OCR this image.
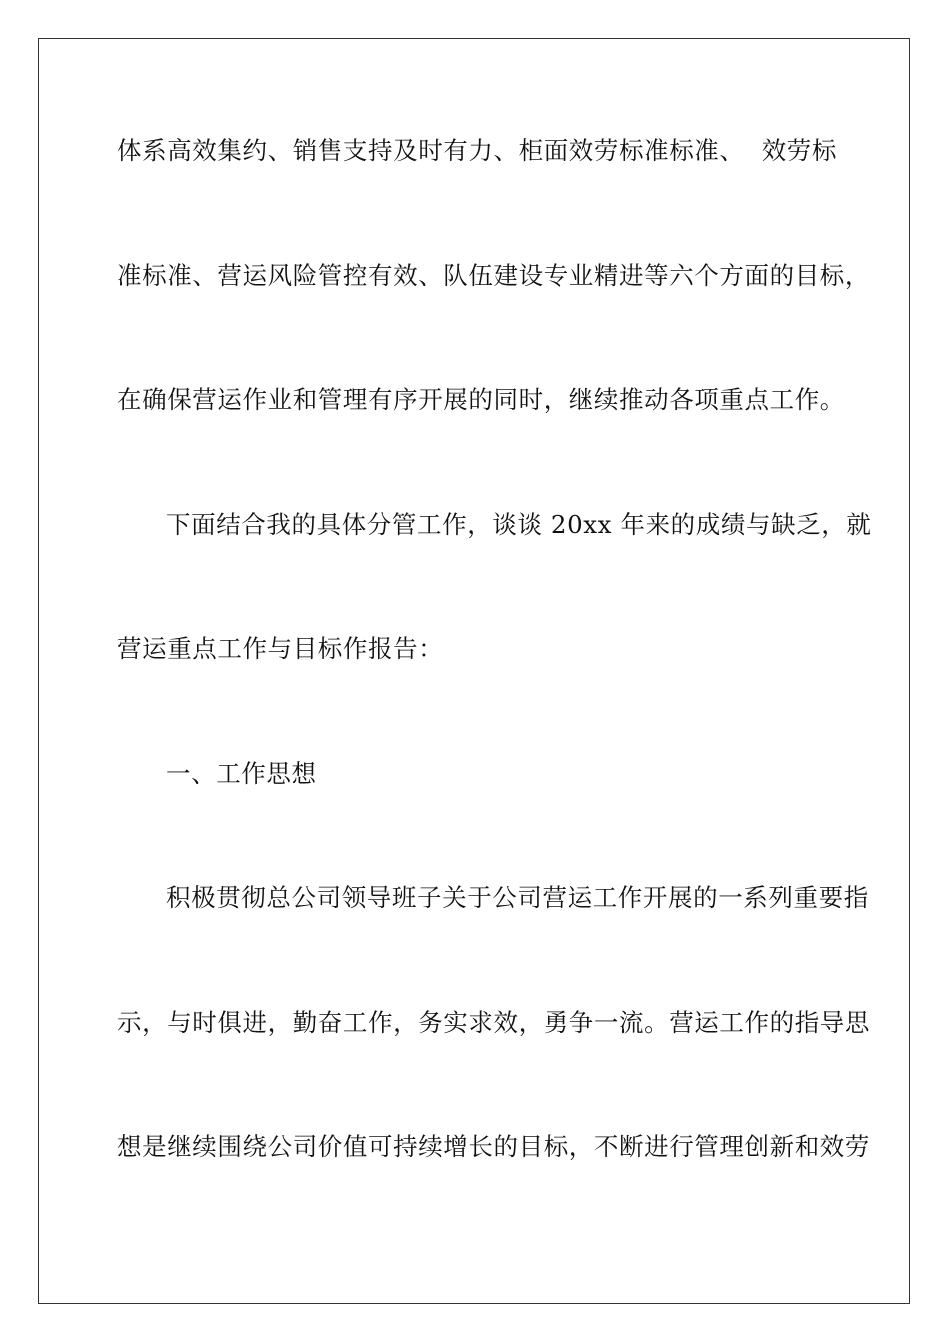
体系高效集约、销售支持及时有力、柜面效劳标准标准、 效劳标
准标准、营运风险管控有效、队伍建设专业精进等六个方面的目标，
在确保营运作业和管理有序开展的同时，继续推动各项重点工作。
下面结合我的具体分管工作，谈谈 20xx 年来的成绩与缺乏，就
营运重点工作与目标作报告：
一、工作思想
积极贯彻总公司领导班子关于公司营运工作开展的一系列重要指
示，与时俱进，勤奋工作，务实求效，勇争一流。营运工作的指导思
想是继续围绕公司价值可持续增长的目标，不断进行管理创新和效劳
